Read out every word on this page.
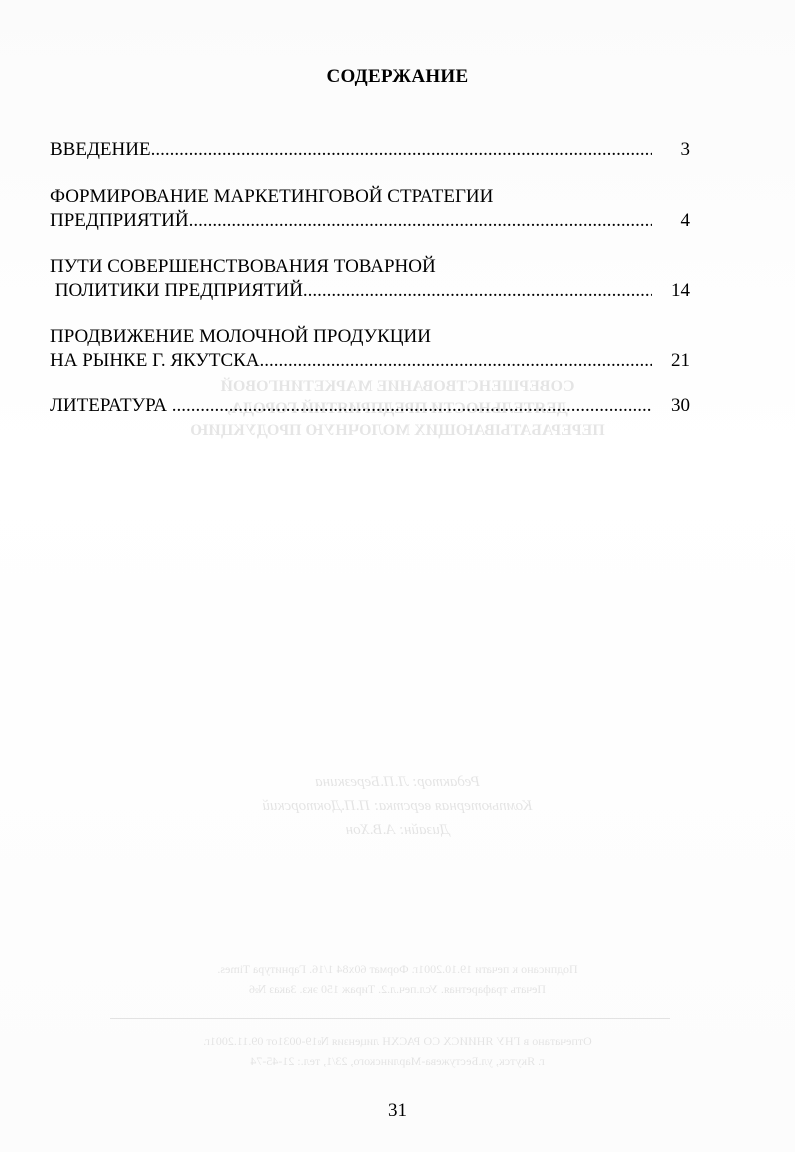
СОВЕРШЕНСТВОВАНИЕ МАРКЕТИНГОВОЙ
ДЕЯТЕЛЬНОСТИ ПРЕДПРИЯТИЙ ГОРОДА,
ПЕРЕРАБАТЫВАЮЩИХ МОЛОЧНУЮ ПРОДУКЦИЮ
Редактор: Л.П.Березкина
Компьютерная верстка: П.П.Докторский
Дизайн: А.В.Хон
Подписано к печати 19.10.2001г. Формат 60х84 1/16. Гарнитура Times.
Печать трафаретная. Усл.печ.л.2. Тираж 150 экз. Заказ №6
Отпечатано в ГНУ ЯНИИСХ СО РАСХН лицензия №19-0031от 09.11.2001г.
г. Якутск, ул.Бестужева-Марлинского, 23/1, тел.: 21-45-74
СОДЕРЖАНИЕ
ВВЕДЕНИЕ .....	3
ФОРМИРОВАНИЕ МАРКЕТИНГОВОЙ СТРАТЕГИИ
ПРЕДПРИЯТИЙ .....	4
ПУТИ СОВЕРШЕНСТВОВАНИЯ ТОВАРНОЙ
ПОЛИТИКИ ПРЕДПРИЯТИЙ .....	14
ПРОДВИЖЕНИЕ МОЛОЧНОЙ ПРОДУКЦИИ
НА РЫНКЕ Г. ЯКУТСКА .....	21
ЛИТЕРАТУРА .....	30
31
